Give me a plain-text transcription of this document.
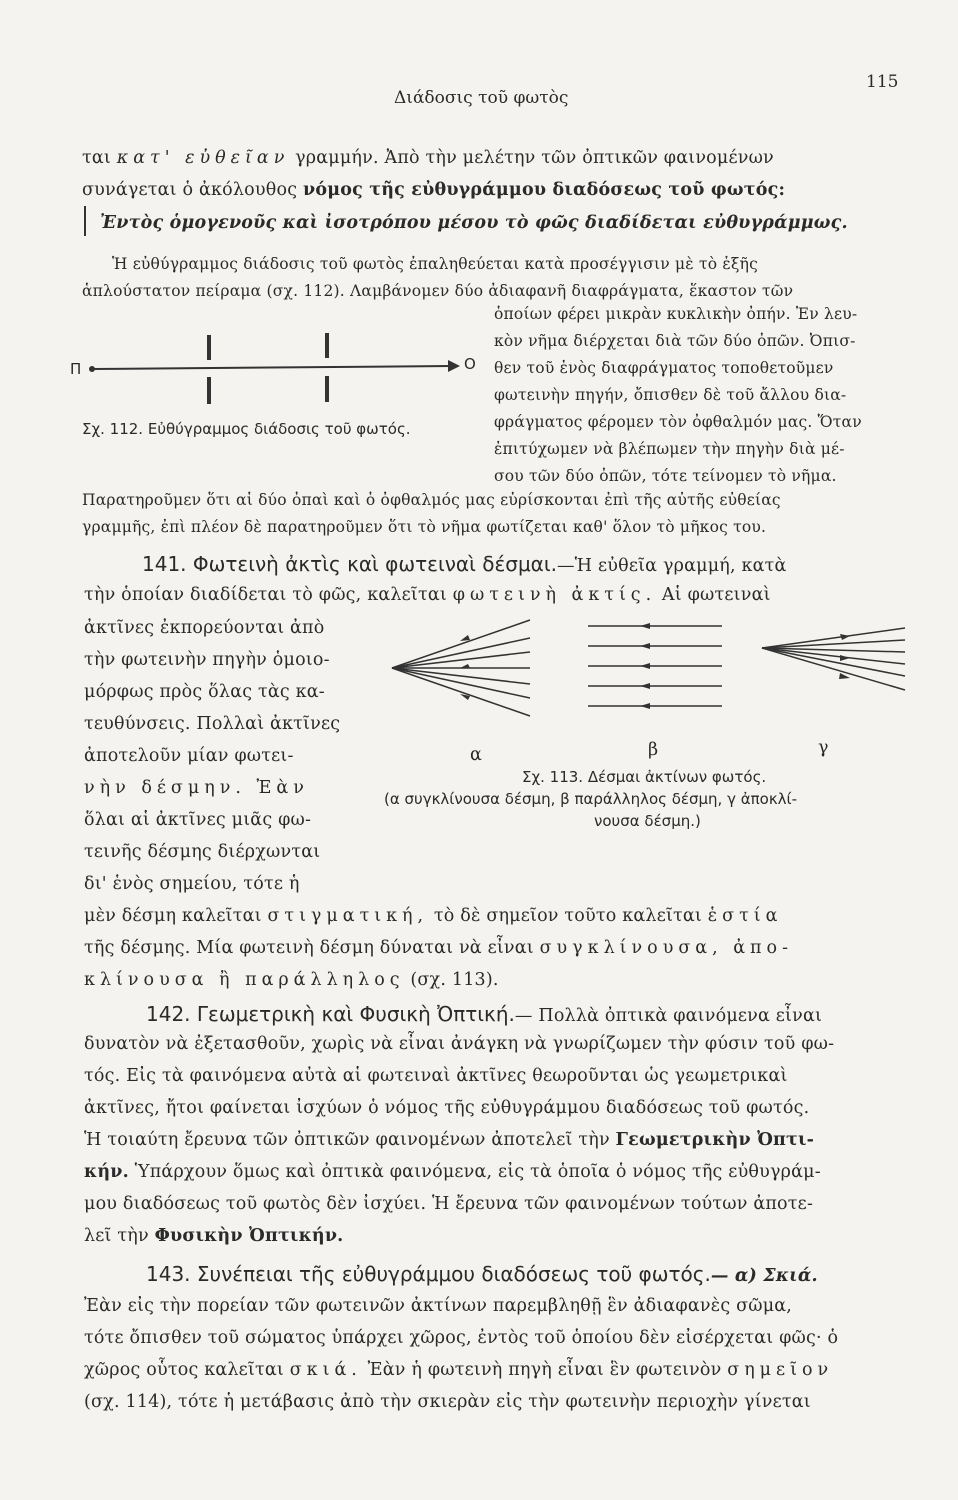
Διάδοσις τοῦ φωτὸς
115
ται κατ' εὐθεῖαν γραμμήν. Ἀπὸ τὴν μελέτην τῶν ὀπτικῶν φαινομένων
συνάγεται ὁ ἀκόλουθος νόμος τῆς εὐθυγράμμου διαδόσεως τοῦ φωτός:
Ἐντὸς ὁμογενοῦς καὶ ἰσοτρόπου μέσου τὸ φῶς διαδίδεται εὐθυγράμμως.
Ἡ εὐθύγραμμος διάδοσις τοῦ φωτὸς ἐπαληθεύεται κατὰ προσέγγισιν μὲ τὸ ἑξῆς
ἁπλούστατον πείραμα (σχ. 112). Λαμβάνομεν δύο ἀδιαφανῆ διαφράγματα, ἕκαστον τῶν
ὁποίων φέρει μικρὰν κυκλικὴν ὀπήν. Ἐν λευ-
κὸν νῆμα διέρχεται διὰ τῶν δύο ὀπῶν. Ὀπισ-
θεν τοῦ ἑνὸς διαφράγματος τοποθετοῦμεν
φωτεινὴν πηγήν, ὄπισθεν δὲ τοῦ ἄλλου δια-
φράγματος φέρομεν τὸν ὀφθαλμόν μας. Ὅταν
ἐπιτύχωμεν νὰ βλέπωμεν τὴν πηγὴν διὰ μέ-
σου τῶν δύο ὀπῶν, τότε τείνομεν τὸ νῆμα.
Παρατηροῦμεν ὅτι αἱ δύο ὀπαὶ καὶ ὁ ὀφθαλμός μας εὑρίσκονται ἐπὶ τῆς αὐτῆς εὐθείας
γραμμῆς, ἐπὶ πλέον δὲ παρατηροῦμεν ὅτι τὸ νῆμα φωτίζεται καθ' ὅλον τὸ μῆκος του.
Π	Ο
Σχ. 112. Εὐθύγραμμος διάδοσις τοῦ φωτός.
141. Φωτεινὴ ἀκτὶς καὶ φωτειναὶ δέσμαι.—Ἡ εὐθεῖα γραμμή, κατὰ
τὴν ὁποίαν διαδίδεται τὸ φῶς, καλεῖται φωτεινὴ ἀκτίς. Αἱ φωτειναὶ
ἀκτῖνες ἐκπορεύονται ἀπὸ
τὴν φωτεινὴν πηγὴν ὁμοιο-
μόρφως πρὸς ὅλας τὰς κα-
τευθύνσεις. Πολλαὶ ἀκτῖνες
ἀποτελοῦν μίαν φωτει-
νὴν δέσμην. Ἐὰν
ὅλαι αἱ ἀκτῖνες μιᾶς φω-
τεινῆς δέσμης διέρχωνται
δι' ἑνὸς σημείου, τότε ἡ
μὲν δέσμη καλεῖται στιγματική, τὸ δὲ σημεῖον τοῦτο καλεῖται ἑστία
τῆς δέσμης. Μία φωτεινὴ δέσμη δύναται νὰ εἶναι συγκλίνουσα, ἀπο-
κλίνουσα ἢ παράλληλος (σχ. 113).
α	β	γ
Σχ. 113. Δέσμαι ἀκτίνων φωτός.
(α συγκλίνουσα δέσμη, β παράλληλος δέσμη, γ ἀποκλί-
νουσα δέσμη.)
142. Γεωμετρικὴ καὶ Φυσικὴ Ὀπτική.— Πολλὰ ὀπτικὰ φαινόμενα εἶναι
δυνατὸν νὰ ἐξετασθοῦν, χωρὶς νὰ εἶναι ἀνάγκη νὰ γνωρίζωμεν τὴν φύσιν τοῦ φω-
τός. Εἰς τὰ φαινόμενα αὐτὰ αἱ φωτειναὶ ἀκτῖνες θεωροῦνται ὡς γεωμετρικαὶ
ἀκτῖνες, ἤτοι φαίνεται ἰσχύων ὁ νόμος τῆς εὐθυγράμμου διαδόσεως τοῦ φωτός.
Ἡ τοιαύτη ἔρευνα τῶν ὀπτικῶν φαινομένων ἀποτελεῖ τὴν Γεωμετρικὴν Ὀπτι-
κήν. Ὑπάρχουν ὅμως καὶ ὀπτικὰ φαινόμενα, εἰς τὰ ὁποῖα ὁ νόμος τῆς εὐθυγράμ-
μου διαδόσεως τοῦ φωτὸς δὲν ἰσχύει. Ἡ ἔρευνα τῶν φαινομένων τούτων ἀποτε-
λεῖ τὴν Φυσικὴν Ὀπτικήν.
143. Συνέπειαι τῆς εὐθυγράμμου διαδόσεως τοῦ φωτός.— α) Σκιά.
Ἐὰν εἰς τὴν πορείαν τῶν φωτεινῶν ἀκτίνων παρεμβληθῇ ἓν ἀδιαφανὲς σῶμα,
τότε ὄπισθεν τοῦ σώματος ὑπάρχει χῶρος, ἐντὸς τοῦ ὁποίου δὲν εἰσέρχεται φῶς· ὁ
χῶρος οὗτος καλεῖται σκιά. Ἐὰν ἡ φωτεινὴ πηγὴ εἶναι ἓν φωτεινὸν σημεῖον
(σχ. 114), τότε ἡ μετάβασις ἀπὸ τὴν σκιερὰν εἰς τὴν φωτεινὴν περιοχὴν γίνεται
